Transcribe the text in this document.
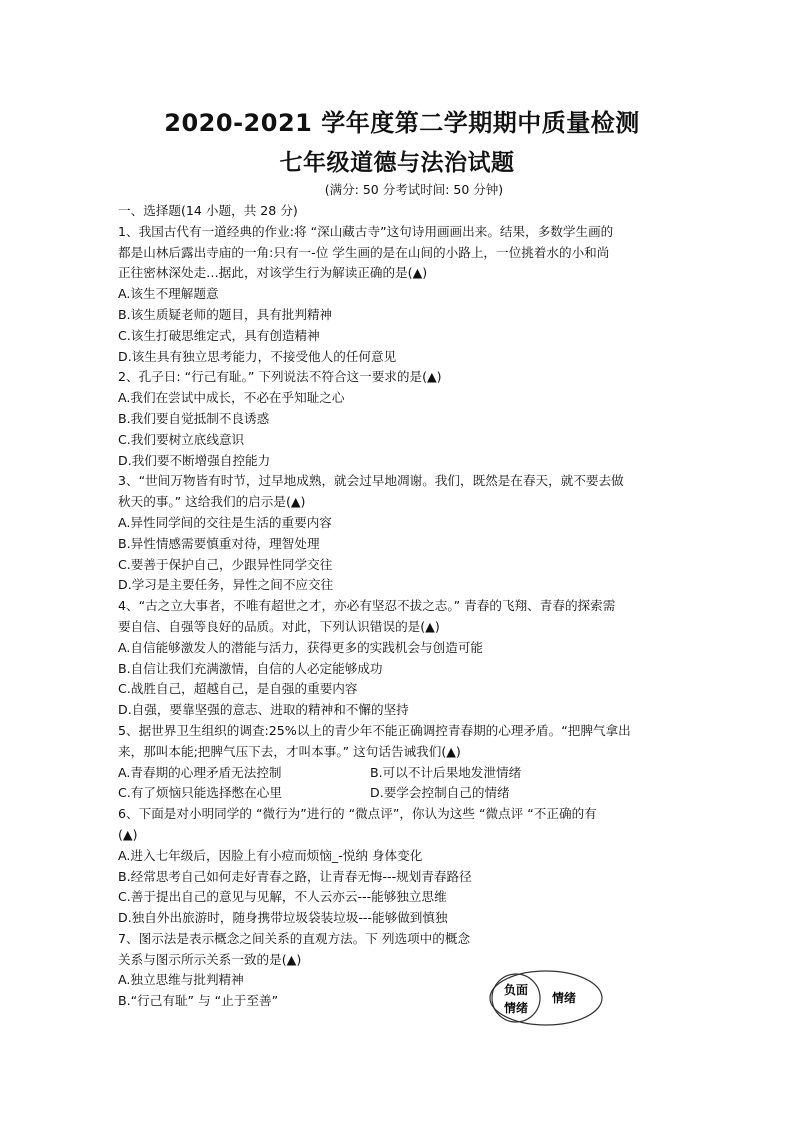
2020-2021 学年度第二学期期中质量检测
七年级道德与法治试题
(满分: 50 分考试时间: 50 分钟)
一、选择题(14 小题，共 28 分)
1、我国古代有一道经典的作业:将 “深山藏古寺”这句诗用画画出来。结果，多数学生画的
都是山林后露出寺庙的一角:只有一-位 学生画的是在山间的小路上，一位挑着水的小和尚
正往密林深处走…据此，对该学生行为解读正确的是(▲)
A.该生不理解题意
B.该生质疑老师的题目，具有批判精神
C.该生打破思维定式，具有创造精神
D.该生具有独立思考能力，不接受他人的任何意见
2、孔子日: “行己有耻。” 下列说法不符合这一要求的是(▲)
A.我们在尝试中成长，不必在乎知耻之心
B.我们要自觉抵制不良诱惑
C.我们要树立底线意识
D.我们要不断增强自控能力
3、“世间万物皆有时节，过早地成熟，就会过早地凋谢。我们，既然是在春天，就不要去做
秋天的事。” 这给我们的启示是(▲)
A.异性同学间的交往是生活的重要内容
B.异性情感需要慎重对待，理智处理
C.要善于保护自己，少跟异性同学交往
D.学习是主要任务，异性之间不应交往
4、“古之立大事者，不唯有超世之才，亦必有坚忍不拔之志。” 青春的飞翔、青春的探索需
要自信、自强等良好的品质。对此，下列认识错误的是(▲)
A.自信能够激发人的潜能与活力，获得更多的实践机会与创造可能
B.自信让我们充满激情，自信的人必定能够成功
C.战胜自己，超越自己，是自强的重要内容
D.自强，要靠坚强的意志、进取的精神和不懈的坚持
5、据世界卫生组织的调查:25%以上的青少年不能正确调控青春期的心理矛盾。“把脾气拿出
来，那叫本能;把脾气压下去，才叫本事。” 这句话告诫我们(▲)
A.青春期的心理矛盾无法控制	B.可以不计后果地发泄情绪
C.有了烦恼只能选择憋在心里	D.要学会控制自己的情绪
6、下面是对小明同学的 “微行为”进行的 “微点评”，你认为这些 “微点评 “不正确的有
(▲)
A.进入七年级后，因脸上有小痘而烦恼_-悦纳 身体变化
B.经常思考自己如何走好青春之路，让青春无悔---规划青春路径
C.善于提出自己的意见与见解，不人云亦云---能够独立思维
D.独自外出旅游时，随身携带垃圾袋装垃圾---能够做到慎独
7、图示法是表示概念之间关系的直观方法。下 列选项中的概念
关系与图示所示关系一致的是(▲)
A.独立思维与批判精神
B.“行己有耻” 与 “止于至善”
负面
情绪
情绪
